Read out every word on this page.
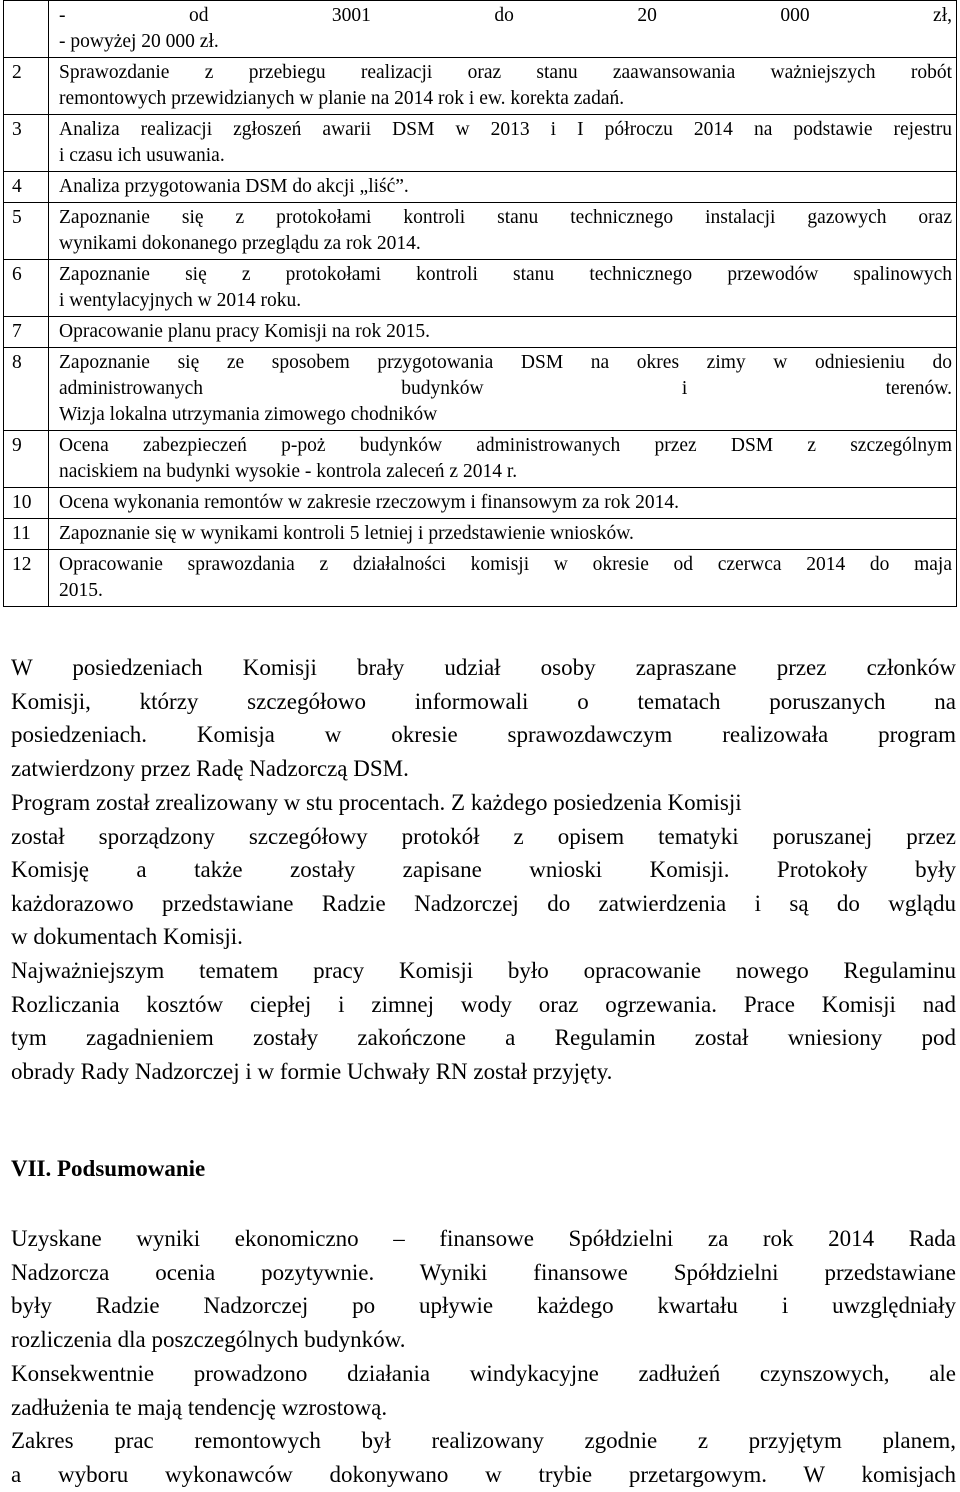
	- od 3001 do 20 000 zł,
- powyżej 20 000 zł.

2	Sprawozdanie z przebiegu realizacji oraz stanu zaawansowania ważniejszych robót
remontowych przewidzianych w planie na 2014 rok i ew. korekta zadań.

3	Analiza realizacji zgłoszeń awarii DSM w 2013 i I półroczu 2014 na podstawie rejestru
i czasu ich usuwania.

4	Analiza przygotowania DSM do akcji „liść”.

5	Zapoznanie się z protokołami kontroli stanu technicznego instalacji gazowych oraz
wynikami dokonanego przeglądu za rok 2014.

6	Zapoznanie się z protokołami kontroli stanu technicznego przewodów spalinowych
i wentylacyjnych w 2014 roku.

7	Opracowanie planu pracy Komisji na rok 2015.

8	Zapoznanie się ze sposobem przygotowania DSM na okres zimy w odniesieniu do
administrowanych budynków i terenów.
Wizja lokalna utrzymania zimowego chodników

9	Ocena zabezpieczeń p-poż budynków administrowanych przez DSM z szczególnym
naciskiem na budynki wysokie - kontrola zaleceń z 2014 r.

10	Ocena wykonania remontów w zakresie rzeczowym i finansowym za rok 2014.

11	Zapoznanie się w wynikami kontroli 5 letniej i przedstawienie wniosków.

12	Opracowanie sprawozdania z działalności komisji w okresie od czerwca 2014 do maja
2015.
W posiedzeniach Komisji brały udział osoby zapraszane przez członków
Komisji, którzy szczegółowo informowali o tematach poruszanych na
posiedzeniach. Komisja w okresie sprawozdawczym realizowała program
zatwierdzony przez Radę Nadzorczą DSM.
Program został zrealizowany w stu procentach. Z każdego posiedzenia Komisji
został sporządzony szczegółowy protokół z opisem tematyki poruszanej przez
Komisję a także zostały zapisane wnioski Komisji. Protokoły były
każdorazowo przedstawiane Radzie Nadzorczej do zatwierdzenia i są do wglądu
w dokumentach Komisji.
Najważniejszym tematem pracy Komisji było opracowanie nowego Regulaminu
Rozliczania kosztów ciepłej i zimnej wody oraz ogrzewania. Prace Komisji nad
tym zagadnieniem zostały zakończone a Regulamin został wniesiony pod
obrady Rady Nadzorczej i w formie Uchwały RN został przyjęty.
VII. Podsumowanie
Uzyskane wyniki ekonomiczno – finansowe Spółdzielni za rok 2014 Rada
Nadzorcza ocenia pozytywnie. Wyniki finansowe Spółdzielni przedstawiane
były Radzie Nadzorczej po upływie każdego kwartału i uwzględniały
rozliczenia dla poszczególnych budynków.
Konsekwentnie prowadzono działania windykacyjne zadłużeń czynszowych, ale
zadłużenia te mają tendencję wzrostową.
Zakres prac remontowych był realizowany zgodnie z przyjętym planem,
a wyboru wykonawców dokonywano w trybie przetargowym. W komisjach
